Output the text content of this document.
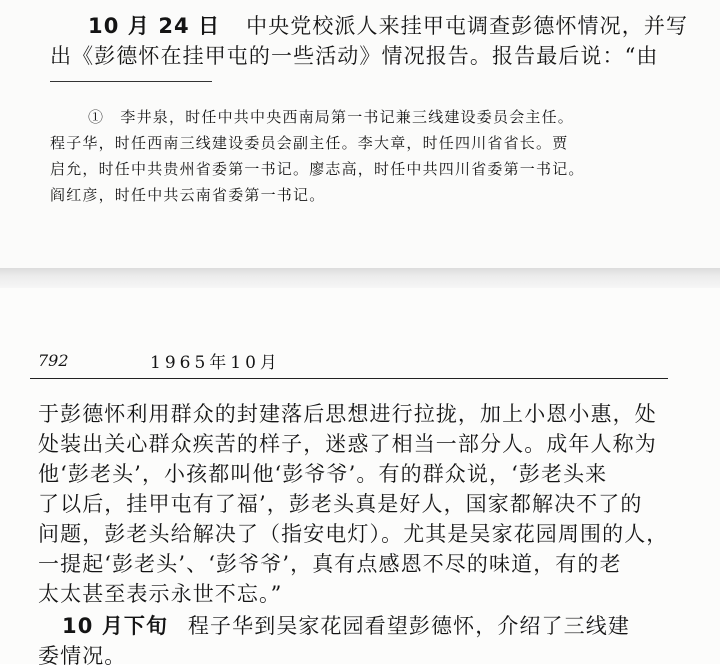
10 月 24 日 中央党校派人来挂甲屯调查彭德怀情况，并写
出《彭德怀在挂甲屯的一些活动》情况报告。报告最后说：“由
①　李井泉，时任中共中央西南局第一书记兼三线建设委员会主任。
程子华，时任西南三线建设委员会副主任。李大章，时任四川省省长。贾
启允，时任中共贵州省委第一书记。廖志高，时任中共四川省委第一书记。
阎红彦，时任中共云南省委第一书记。
792	1965年10月
于彭德怀利用群众的封建落后思想进行拉拢，加上小恩小惠，处
处装出关心群众疾苦的样子，迷惑了相当一部分人。成年人称为
他‘彭老头’，小孩都叫他‘彭爷爷’。有的群众说，‘彭老头来
了以后，挂甲屯有了福’，彭老头真是好人，国家都解决不了的
问题，彭老头给解决了（指安电灯）。尤其是吴家花园周围的人，
一提起‘彭老头’、‘彭爷爷’，真有点感恩不尽的味道，有的老
太太甚至表示永世不忘。”
10 月下旬 程子华到吴家花园看望彭德怀，介绍了三线建
委情况。
